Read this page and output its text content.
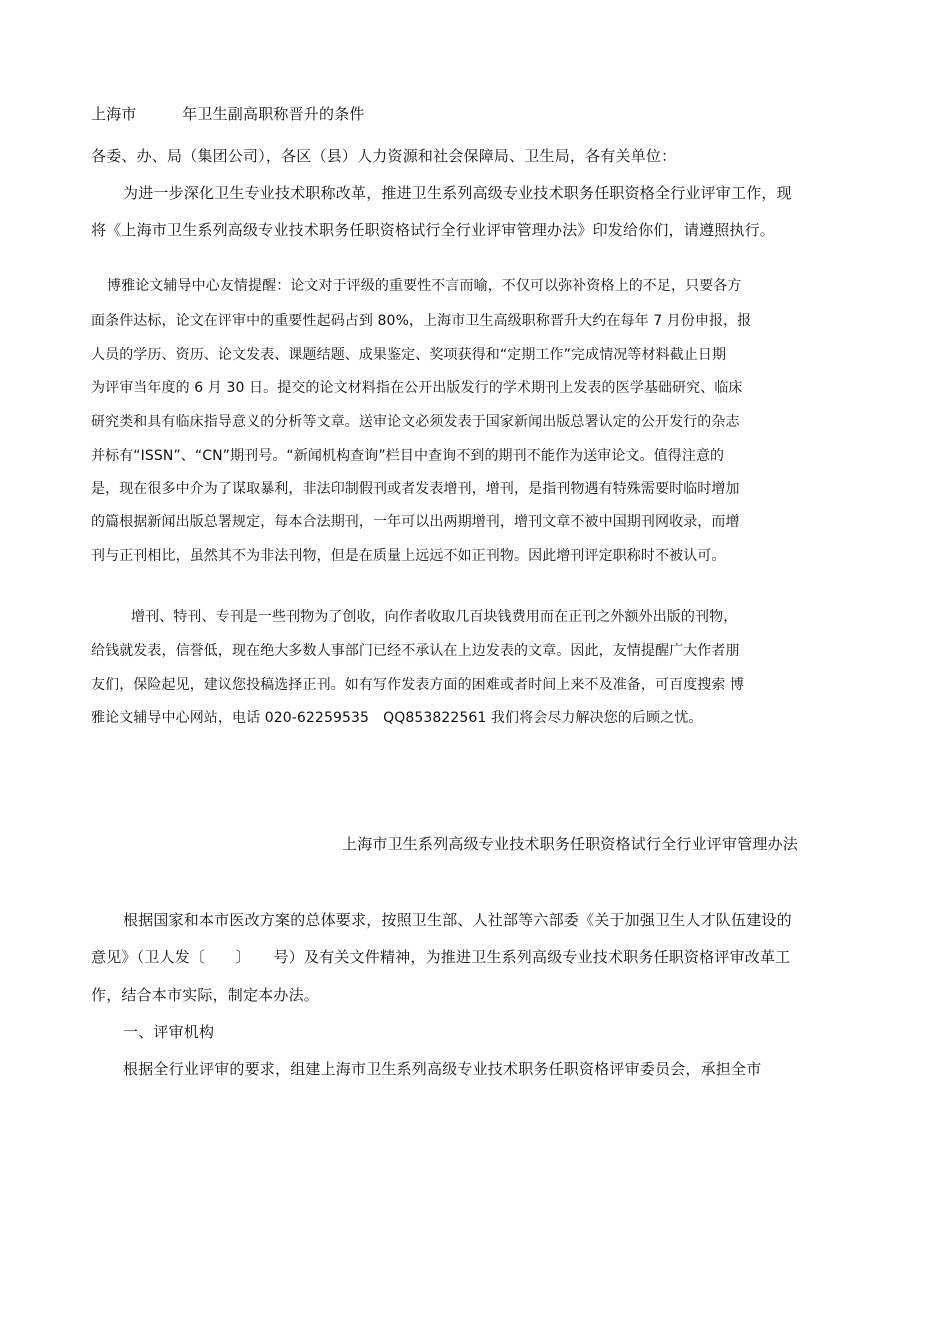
上海市　　　年卫生副高职称晋升的条件
各委、办、局（集团公司），各区（县）人力资源和社会保障局、卫生局，各有关单位：
为进一步深化卫生专业技术职称改革，推进卫生系列高级专业技术职务任职资格全行业评审工作，现
将《上海市卫生系列高级专业技术职务任职资格试行全行业评审管理办法》印发给你们，请遵照执行。
博雅论文辅导中心友情提醒：论文对于评级的重要性不言而喻，不仅可以弥补资格上的不足，只要各方
面条件达标，论文在评审中的重要性起码占到 80%，上海市卫生高级职称晋升大约在每年 7 月份申报，报
人员的学历、资历、论文发表、课题结题、成果鉴定、奖项获得和“定期工作”完成情况等材料截止日期
为评审当年度的 6 月 30 日。提交的论文材料指在公开出版发行的学术期刊上发表的医学基础研究、临床
研究类和具有临床指导意义的分析等文章。送审论文必须发表于国家新闻出版总署认定的公开发行的杂志
并标有“ISSN”、“CN”期刊号。“新闻机构查询”栏目中查询不到的期刊不能作为送审论文。值得注意的
是，现在很多中介为了谋取暴利，非法印制假刊或者发表增刊，增刊，是指刊物遇有特殊需要时临时增加
的篇根据新闻出版总署规定，每本合法期刊，一年可以出两期增刊，增刊文章不被中国期刊网收录，而增
刊与正刊相比，虽然其不为非法刊物，但是在质量上远远不如正刊物。因此增刊评定职称时不被认可。
增刊、特刊、专刊是一些刊物为了创收，向作者收取几百块钱费用而在正刊之外额外出版的刊物，
给钱就发表，信誉低，现在绝大多数人事部门已经不承认在上边发表的文章。因此，友情提醒广大作者朋
友们，保险起见，建议您投稿选择正刊。如有写作发表方面的困难或者时间上来不及准备，可百度搜索 博
雅论文辅导中心网站，电话 020-62259535　QQ853822561 我们将会尽力解决您的后顾之忧。
上海市卫生系列高级专业技术职务任职资格试行全行业评审管理办法
根据国家和本市医改方案的总体要求，按照卫生部、人社部等六部委《关于加强卫生人才队伍建设的
意见》（卫人发〔　　〕　　号）及有关文件精神，为推进卫生系列高级专业技术职务任职资格评审改革工
作，结合本市实际，制定本办法。
一、评审机构
根据全行业评审的要求，组建上海市卫生系列高级专业技术职务任职资格评审委员会，承担全市
